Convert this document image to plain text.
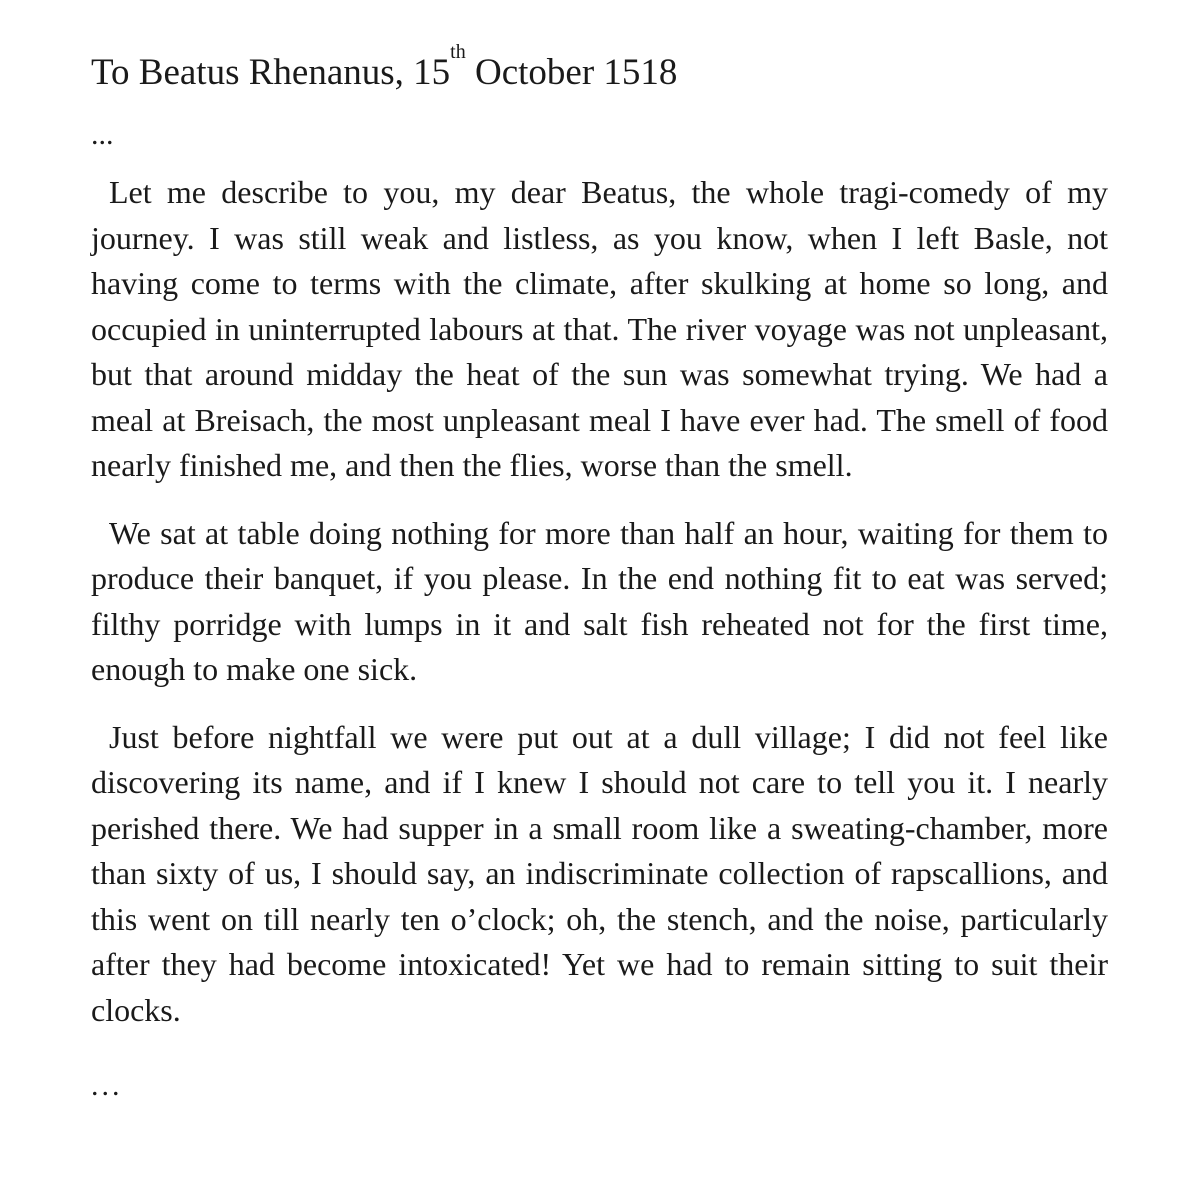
To Beatus Rhenanus, 15th October 1518
...

Let me describe to you, my dear Beatus, the whole tragi-comedy of my journey. I was still weak and listless, as you know, when I left Basle, not having come to terms with the climate, after skulking at home so long, and occupied in uninterrupted labours at that. The river voyage was not unpleasant, but that around midday the heat of the sun was somewhat trying. We had a meal at Breisach, the most unpleasant meal I have ever had. The smell of food nearly finished me, and then the flies, worse than the smell.

We sat at table doing nothing for more than half an hour, waiting for them to produce their banquet, if you please. In the end nothing fit to eat was served; filthy porridge with lumps in it and salt fish reheated not for the first time, enough to make one sick.

Just before nightfall we were put out at a dull village; I did not feel like discovering its name, and if I knew I should not care to tell you it. I nearly perished there. We had supper in a small room like a sweating-chamber, more than sixty of us, I should say, an indiscriminate collection of rapscallions, and this went on till nearly ten o’clock; oh, the stench, and the noise, particularly after they had become intoxicated! Yet we had to remain sitting to suit their clocks.

...
